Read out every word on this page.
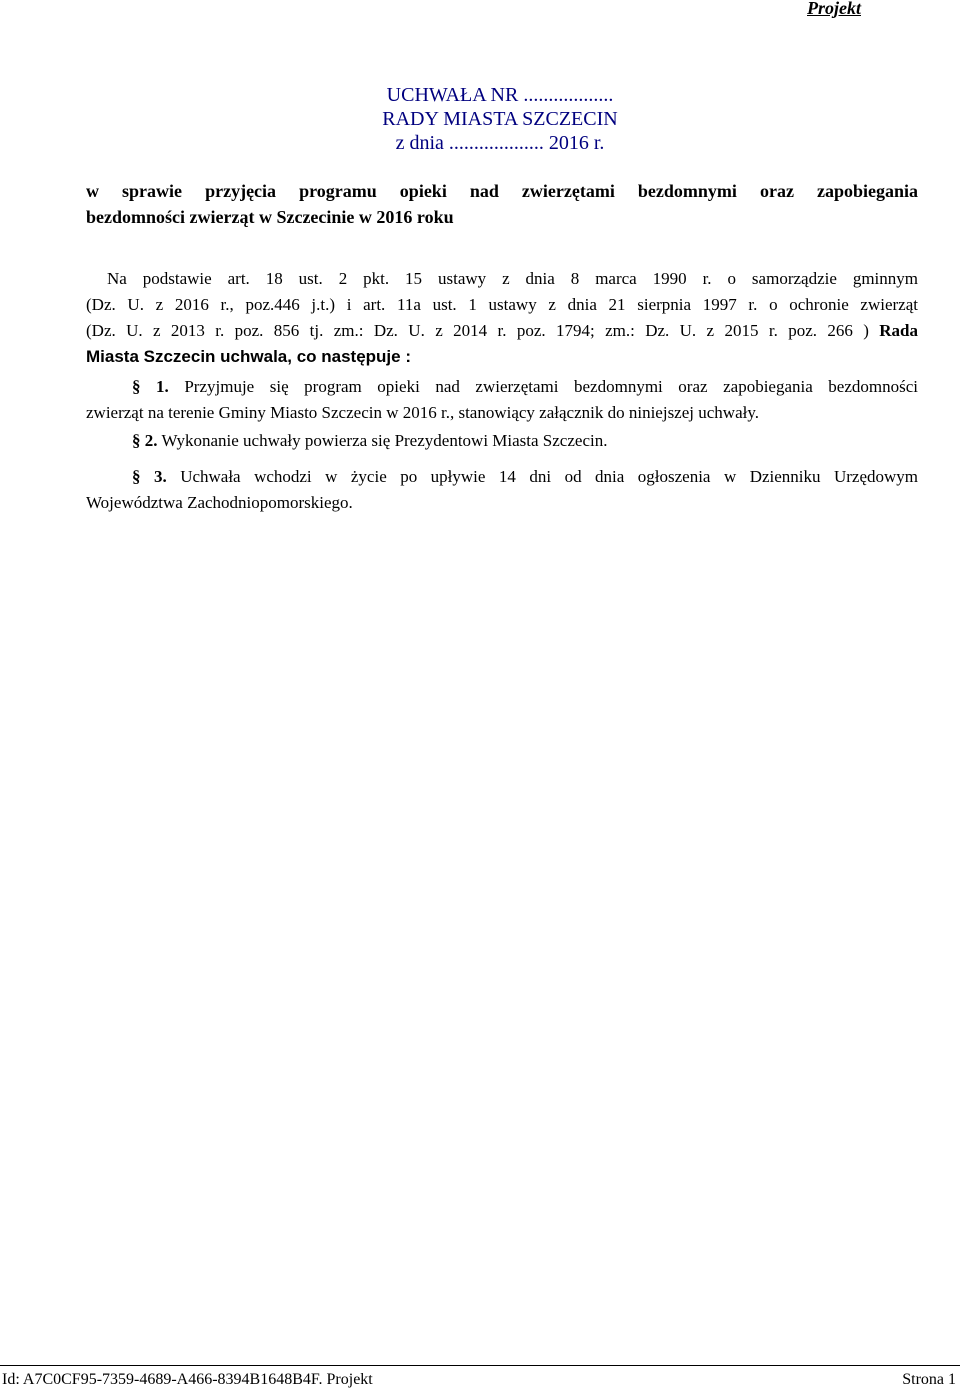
Projekt
UCHWAŁA NR ..................
RADY MIASTA SZCZECIN
z dnia ................... 2016 r.
w sprawie przyjęcia programu opieki nad zwierzętami bezdomnymi oraz zapobiegania
bezdomności zwierząt w Szczecinie w 2016 roku
Na podstawie art. 18 ust. 2 pkt. 15 ustawy z dnia 8 marca 1990 r. o samorządzie gminnym
(Dz. U. z 2016 r., poz.446 j.t.) i art. 11a ust. 1 ustawy z dnia 21 sierpnia 1997 r. o ochronie zwierząt
(Dz. U. z 2013 r. poz. 856 tj. zm.: Dz. U. z 2014 r. poz. 1794; zm.: Dz. U. z 2015 r. poz. 266 ) Rada
Miasta Szczecin uchwala, co następuje :
§ 1. Przyjmuje się program opieki nad zwierzętami bezdomnymi oraz zapobiegania bezdomności
zwierząt na terenie Gminy Miasto Szczecin w 2016 r., stanowiący załącznik do niniejszej uchwały.
§ 2. Wykonanie uchwały powierza się Prezydentowi Miasta Szczecin.
§ 3. Uchwała wchodzi w życie po upływie 14 dni od dnia ogłoszenia w Dzienniku Urzędowym
Województwa Zachodniopomorskiego.
Id: A7C0CF95-7359-4689-A466-8394B1648B4F. Projekt	Strona 1
